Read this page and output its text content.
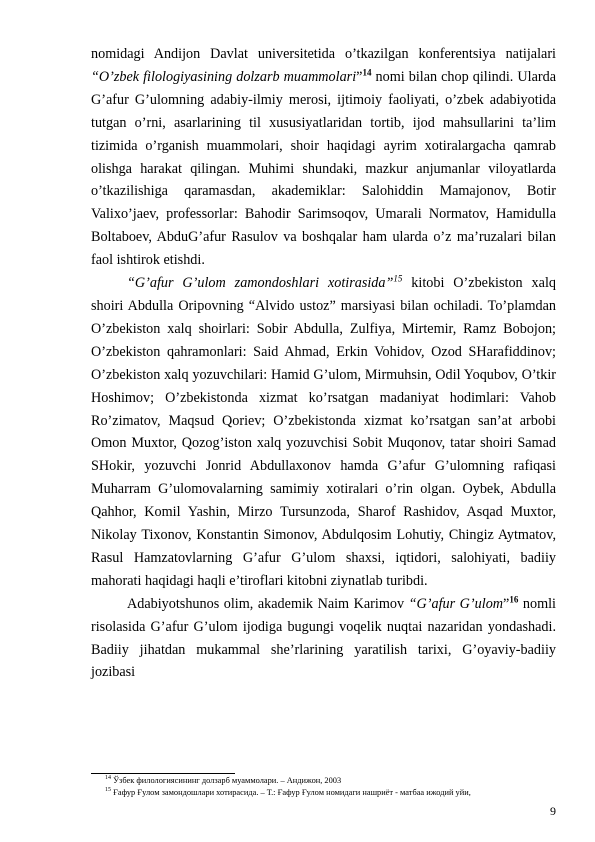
nomidagi Andijon Davlat universitetida o’tkazilgan konferentsiya natijalari “O’zbek filologiyasining dolzarb muammolari”$^{14}$ nomi bilan chop qilindi. Ularda G’afur G’ulomning adabiy-ilmiy merosi, ijtimoiy faoliyati, o’zbek adabiyotida tutgan o’rni, asarlarining til xususiyatlaridan tortib, ijod mahsullarini ta’lim tizimida o’rganish muammolari, shoir haqidagi ayrim xotiralargacha qamrab olishga harakat qilingan. Muhimi shundaki, mazkur anjumanlar viloyatlarda o’tkazilishiga qaramasdan, akademiklar: Salohiddin Mamajonov, Botir Valixo’jaev, professorlar: Bahodir Sarimsoqov, Umarali Normatov, Hamidulla Boltaboev, AbduG’afur Rasulov va boshqalar ham ularda o’z ma’ruzalari bilan faol ishtirok etishdi.

“G’afur G’ulom zamondoshlari xotirasida”$^{15}$ kitobi O’zbekiston xalq shoiri Abdulla Oripovning “Alvido ustoz” marsiyasi bilan ochiladi. To’plamdan O’zbekiston xalq shoirlari: Sobir Abdulla, Zulfiya, Mirtemir, Ramz Bobojon; O’zbekiston qahramonlari: Said Ahmad, Erkin Vohidov, Ozod SHarafiddinov; O’zbekiston xalq yozuvchilari: Hamid G’ulom, Mirmuhsin, Odil Yoqubov, O’tkir Hoshimov; O’zbekistonda xizmat ko’rsatgan madaniyat hodimlari: Vahob Ro’zimatov, Maqsud Qoriev; O’zbekistonda xizmat ko’rsatgan san’at arbobi Omon Muxtor, Qozog’iston xalq yozuvchisi Sobit Muqonov, tatar shoiri Samad SHokir, yozuvchi Jonrid Abdullaxonov hamda G’afur G’ulomning rafiqasi Muharram G’ulomovalarning samimiy xotiralari o’rin olgan. Oybek, Abdulla Qahhor, Komil Yashin, Mirzo Tursunzoda, Sharof Rashidov, Asqad Muxtor, Nikolay Tixonov, Konstantin Simonov, Abdulqosim Lohutiy, Chingiz Aytmatov, Rasul Hamzatovlarning G’afur G’ulom shaxsi, iqtidori, salohiyati, badiiy mahorati haqidagi haqli e’tiroflari kitobni ziynatlab turibdi.

Adabiyotshunos olim, akademik Naim Karimov “G’afur G’ulom”$^{16}$ nomli risolasida G’afur G’ulom ijodiga bugungi voqelik nuqtai nazaridan yondashadi. Badiiy jihatdan mukammal she’rlarining yaratilish tarixi, G’oyaviy-badiiy jozibasi

$^{14}$ Ўзбек филологиясининг долзарб муаммолари. – Андижон, 2003
$^{15}$ Ғафур Ғулом замондошлари хотирасида. – Т.: Ғафур Ғулом номидаги нашриёт - матбаа ижодий уйи,
9
